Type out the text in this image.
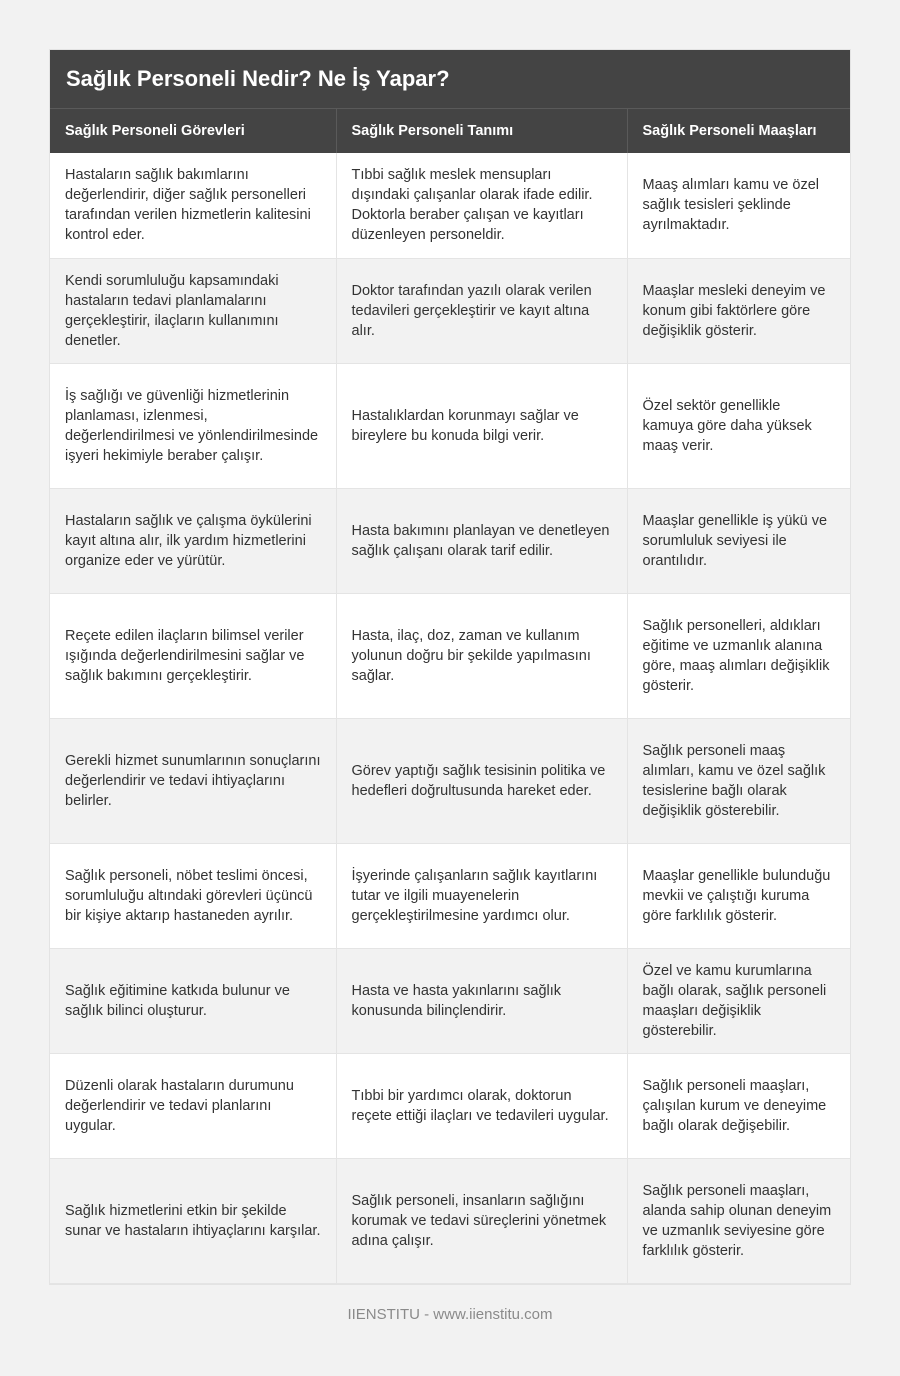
Sağlık Personeli Nedir? Ne İş Yapar?
Sağlık Personeli Görevleri	Sağlık Personeli Tanımı	Sağlık Personeli Maaşları
Hastaların sağlık bakımlarını değerlendirir, diğer sağlık personelleri tarafından verilen hizmetlerin kalitesini kontrol eder.	Tıbbi sağlık meslek mensupları dışındaki çalışanlar olarak ifade edilir. Doktorla beraber çalışan ve kayıtları düzenleyen personeldir.	Maaş alımları kamu ve özel sağlık tesisleri şeklinde ayrılmaktadır.
Kendi sorumluluğu kapsamındaki hastaların tedavi planlamalarını gerçekleştirir, ilaçların kullanımını denetler.	Doktor tarafından yazılı olarak verilen tedavileri gerçekleştirir ve kayıt altına alır.	Maaşlar mesleki deneyim ve konum gibi faktörlere göre değişiklik gösterir.
İş sağlığı ve güvenliği hizmetlerinin planlaması, izlenmesi, değerlendirilmesi ve yönlendirilmesinde işyeri hekimiyle beraber çalışır.	Hastalıklardan korunmayı sağlar ve bireylere bu konuda bilgi verir.	Özel sektör genellikle kamuya göre daha yüksek maaş verir.
Hastaların sağlık ve çalışma öykülerini kayıt altına alır, ilk yardım hizmetlerini organize eder ve yürütür.	Hasta bakımını planlayan ve denetleyen sağlık çalışanı olarak tarif edilir.	Maaşlar genellikle iş yükü ve sorumluluk seviyesi ile orantılıdır.
Reçete edilen ilaçların bilimsel veriler ışığında değerlendirilmesini sağlar ve sağlık bakımını gerçekleştirir.	Hasta, ilaç, doz, zaman ve kullanım yolunun doğru bir şekilde yapılmasını sağlar.	Sağlık personelleri, aldıkları eğitime ve uzmanlık alanına göre, maaş alımları değişiklik gösterir.
Gerekli hizmet sunumlarının sonuçlarını değerlendirir ve tedavi ihtiyaçlarını belirler.	Görev yaptığı sağlık tesisinin politika ve hedefleri doğrultusunda hareket eder.	Sağlık personeli maaş alımları, kamu ve özel sağlık tesislerine bağlı olarak değişiklik gösterebilir.
Sağlık personeli, nöbet teslimi öncesi, sorumluluğu altındaki görevleri üçüncü bir kişiye aktarıp hastaneden ayrılır.	İşyerinde çalışanların sağlık kayıtlarını tutar ve ilgili muayenelerin gerçekleştirilmesine yardımcı olur.	Maaşlar genellikle bulunduğu mevkii ve çalıştığı kuruma göre farklılık gösterir.
Sağlık eğitimine katkıda bulunur ve sağlık bilinci oluşturur.	Hasta ve hasta yakınlarını sağlık konusunda bilinçlendirir.	Özel ve kamu kurumlarına bağlı olarak, sağlık personeli maaşları değişiklik gösterebilir.
Düzenli olarak hastaların durumunu değerlendirir ve tedavi planlarını uygular.	Tıbbi bir yardımcı olarak, doktorun reçete ettiği ilaçları ve tedavileri uygular.	Sağlık personeli maaşları, çalışılan kurum ve deneyime bağlı olarak değişebilir.
Sağlık hizmetlerini etkin bir şekilde sunar ve hastaların ihtiyaçlarını karşılar.	Sağlık personeli, insanların sağlığını korumak ve tedavi süreçlerini yönetmek adına çalışır.	Sağlık personeli maaşları, alanda sahip olunan deneyim ve uzmanlık seviyesine göre farklılık gösterir.
IIENSTITU - www.iienstitu.com
